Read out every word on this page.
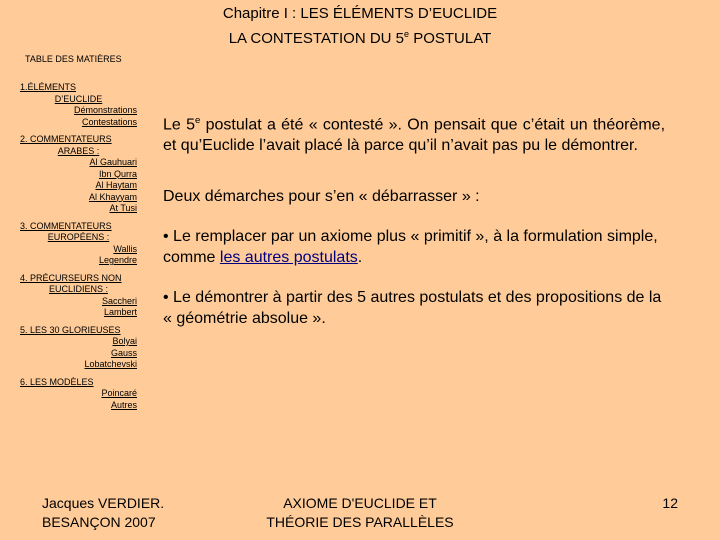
Chapitre I : LES ÉLÉMENTS D’EUCLIDE
LA CONTESTATION DU 5e POSTULAT
TABLE DES MATIÈRES
1.ÉLÉMENTS

D’EUCLIDE
Démonstrations
Contestations
2. COMMENTATEURS

ARABES :
Al Gauhuari
Ibn Qurra
Al Haytam
Al Khayyam
At Tusi
3. COMMENTATEURS

EUROPÉENS :
Wallis
Legendre
4. PRÉCURSEURS NON

EUCLIDIENS :
Saccheri
Lambert
5. LES 30 GLORIEUSES
Bolyai
Gauss
Lobatchevski
6. LES MODÈLES
Poincaré
Autres

Le 5e postulat a été « contesté ». On pensait que c’était un théorème, et qu’Euclide l’avait placé là parce qu’il n’avait pas pu le démontrer.

Deux démarches pour s’en « débarrasser » :

• Le remplacer par un axiome plus « primitif », à la formulation simple, comme les autres postulats.

• Le démontrer à partir des 5 autres postulats et des propositions de la « géométrie absolue ».

Jacques VERDIER.
BESANÇON 2007
AXIOME D'EUCLIDE ET
THÉORIE DES PARALLÈLES
12
